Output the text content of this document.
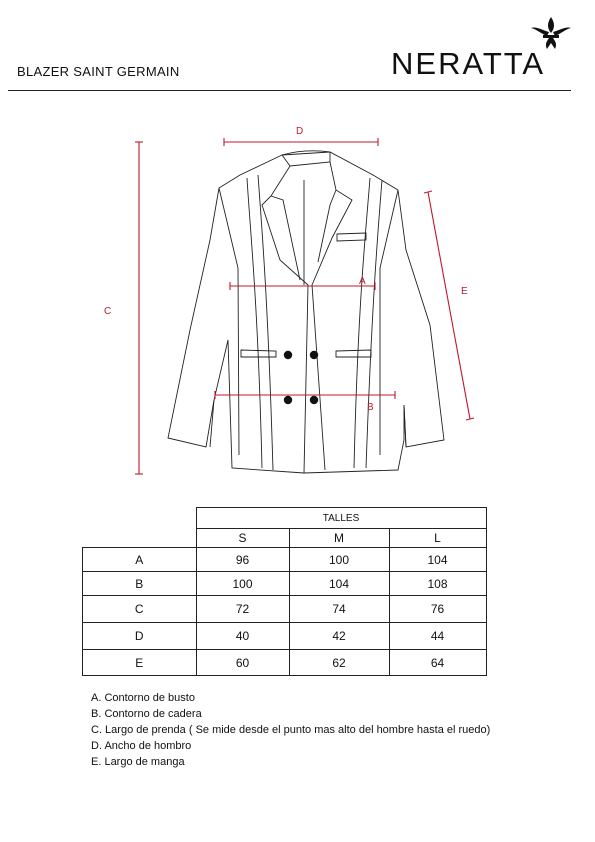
BLAZER SAINT GERMAIN	NERATTA
D
C
A
B
E
	TALLES		
	S	M	L
A	96	100	104
B	100	104	108
C	72	74	76
D	40	42	44
E	60	62	64
A. Contorno de busto
B. Contorno de cadera
C. Largo de prenda ( Se mide desde el punto mas alto del hombre hasta el ruedo)
D. Ancho de hombro
E. Largo de manga
